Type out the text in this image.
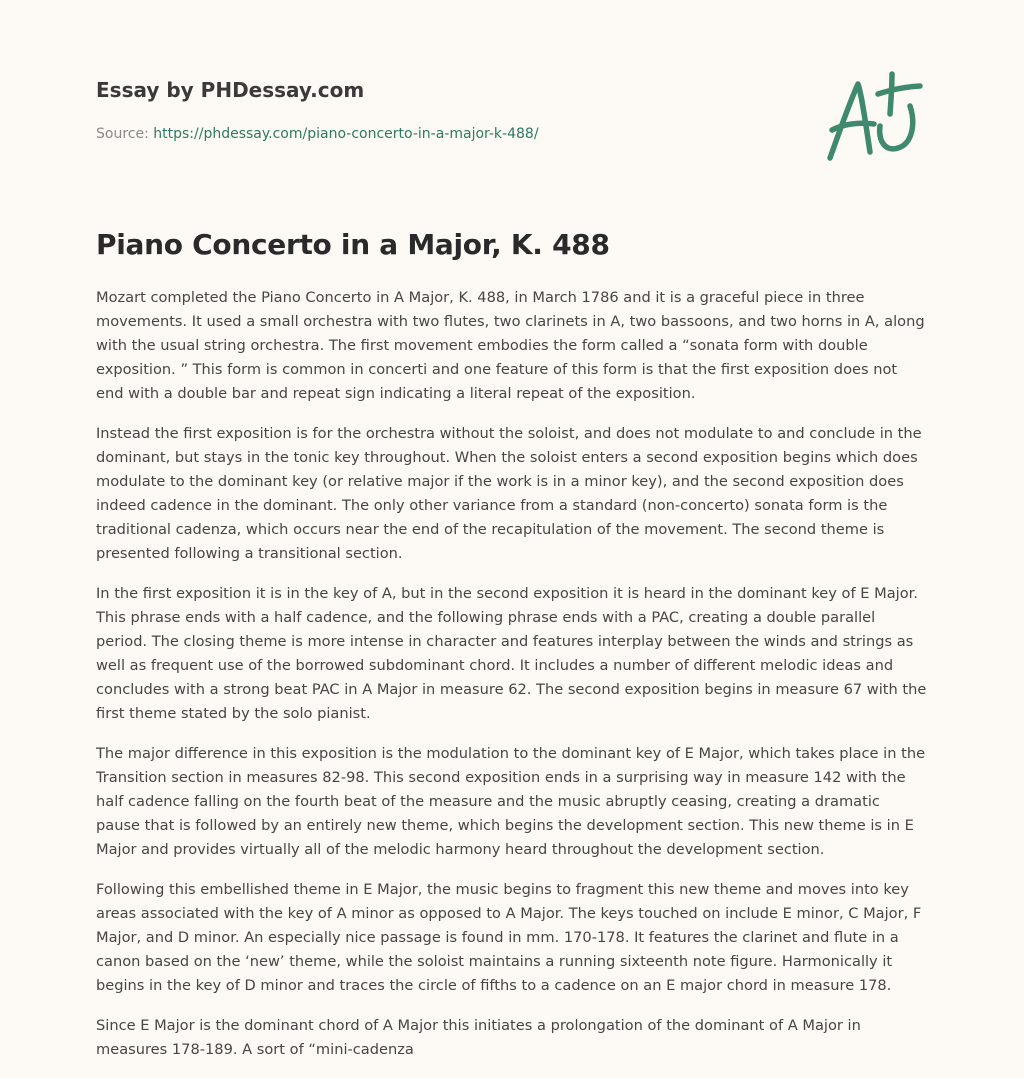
Essay by PHDessay.com
Source: https://phdessay.com/piano-concerto-in-a-major-k-488/
Piano Concerto in a Major, K. 488

Mozart completed the Piano Concerto in A Major, K. 488, in March 1786 and it is a graceful piece in three movements. It used a small orchestra with two flutes, two clarinets in A, two bassoons, and two horns in A, along with the usual string orchestra. The first movement embodies the form called a “sonata form with double exposition. ” This form is common in concerti and one feature of this form is that the first exposition does not end with a double bar and repeat sign indicating a literal repeat of the exposition.

Instead the first exposition is for the orchestra without the soloist, and does not modulate to and conclude in the dominant, but stays in the tonic key throughout. When the soloist enters a second exposition begins which does modulate to the dominant key (or relative major if the work is in a minor key), and the second exposition does indeed cadence in the dominant. The only other variance from a standard (non-concerto) sonata form is the traditional cadenza, which occurs near the end of the recapitulation of the movement. The second theme is presented following a transitional section.

In the first exposition it is in the key of A, but in the second exposition it is heard in the dominant key of E Major. This phrase ends with a half cadence, and the following phrase ends with a PAC, creating a double parallel period. The closing theme is more intense in character and features interplay between the winds and strings as well as frequent use of the borrowed subdominant chord. It includes a number of different melodic ideas and concludes with a strong beat PAC in A Major in measure 62. The second exposition begins in measure 67 with the first theme stated by the solo pianist.

The major difference in this exposition is the modulation to the dominant key of E Major, which takes place in the Transition section in measures 82-98. This second exposition ends in a surprising way in measure 142 with the half cadence falling on the fourth beat of the measure and the music abruptly ceasing, creating a dramatic pause that is followed by an entirely new theme, which begins the development section. This new theme is in E Major and provides virtually all of the melodic harmony heard throughout the development section.

Following this embellished theme in E Major, the music begins to fragment this new theme and moves into key areas associated with the key of A minor as opposed to A Major. The keys touched on include E minor, C Major, F Major, and D minor. An especially nice passage is found in mm. 170-178. It features the clarinet and flute in a canon based on the ‘new’ theme, while the soloist maintains a running sixteenth note figure. Harmonically it begins in the key of D minor and traces the circle of fifths to a cadence on an E major chord in measure 178.

Since E Major is the dominant chord of A Major this initiates a prolongation of the dominant of A Major in measures 178-189. A sort of “mini-cadenza
